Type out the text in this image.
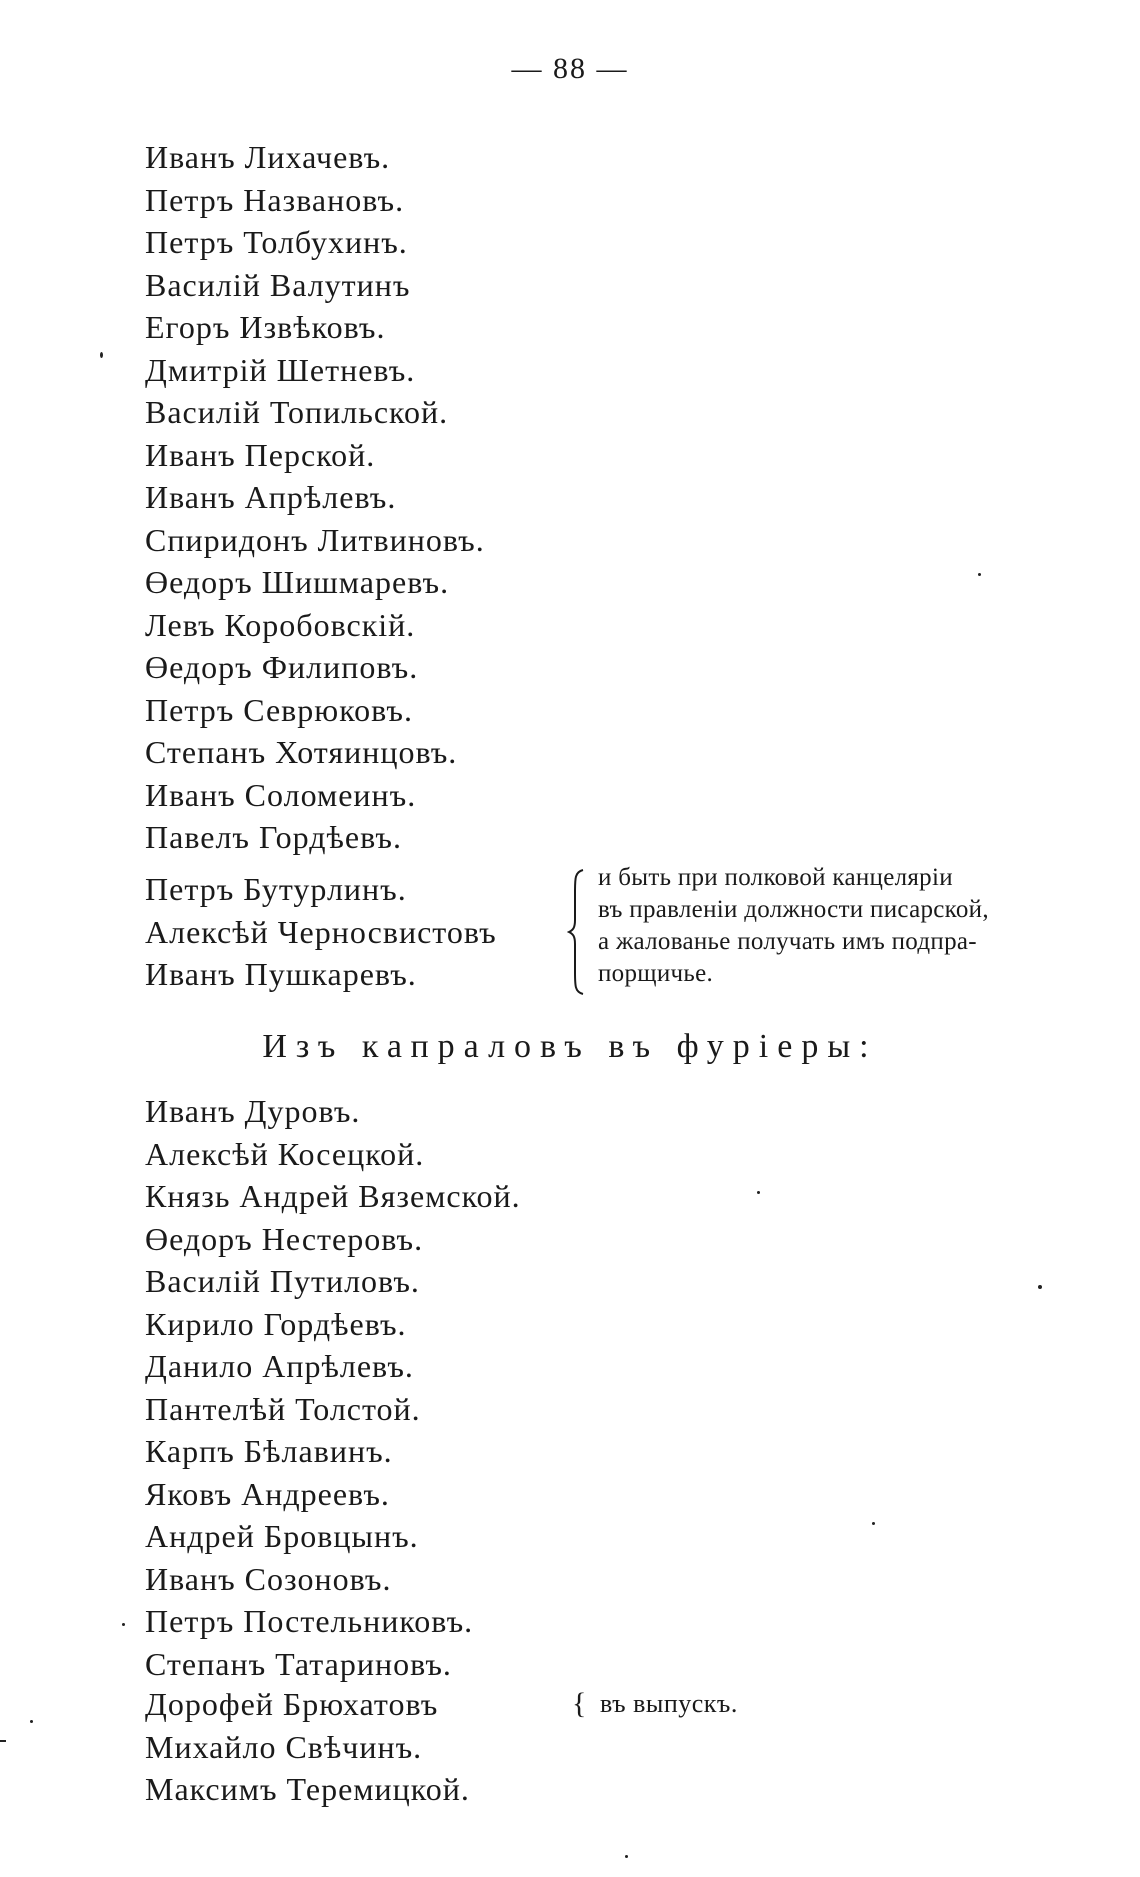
— 88 —
Иванъ Лихачевъ.
Петръ Названовъ.
Петръ Толбухинъ.
Василій Валутинъ
Егоръ Извѣковъ.
Дмитрій Шетневъ.
Василій Топильской.
Иванъ Перской.
Иванъ Апрѣлевъ.
Спиридонъ Литвиновъ.
Өедоръ Шишмаревъ.
Левъ Коробовскій.
Өедоръ Филиповъ.
Петръ Севрюковъ.
Степанъ Хотяинцовъ.
Иванъ Соломеинъ.
Павелъ Гордѣевъ.
Петръ Бутурлинъ.
Алексѣй Черносвистовъ
Иванъ Пушкаревъ.
и быть при полковой канцеляріи
въ правленіи должности писарской,
а жалованье получать имъ подпра-
порщичье.
Изъ капраловъ въ фуріеры:
Иванъ Дуровъ.
Алексѣй Косецкой.
Князь Андрей Вяземской.
Өедоръ Нестеровъ.
Василій Путиловъ.
Кирило Гордѣевъ.
Данило Апрѣлевъ.
Пантелѣй Толстой.
Карпъ Бѣлавинъ.
Яковъ Андреевъ.
Андрей Бровцынъ.
Иванъ Созоновъ.
Петръ Постельниковъ.
Степанъ Татариновъ.
Дорофей Брюхатовъ
Михайло Свѣчинъ.
Максимъ Теремицкой.
{ въ выпускъ.
